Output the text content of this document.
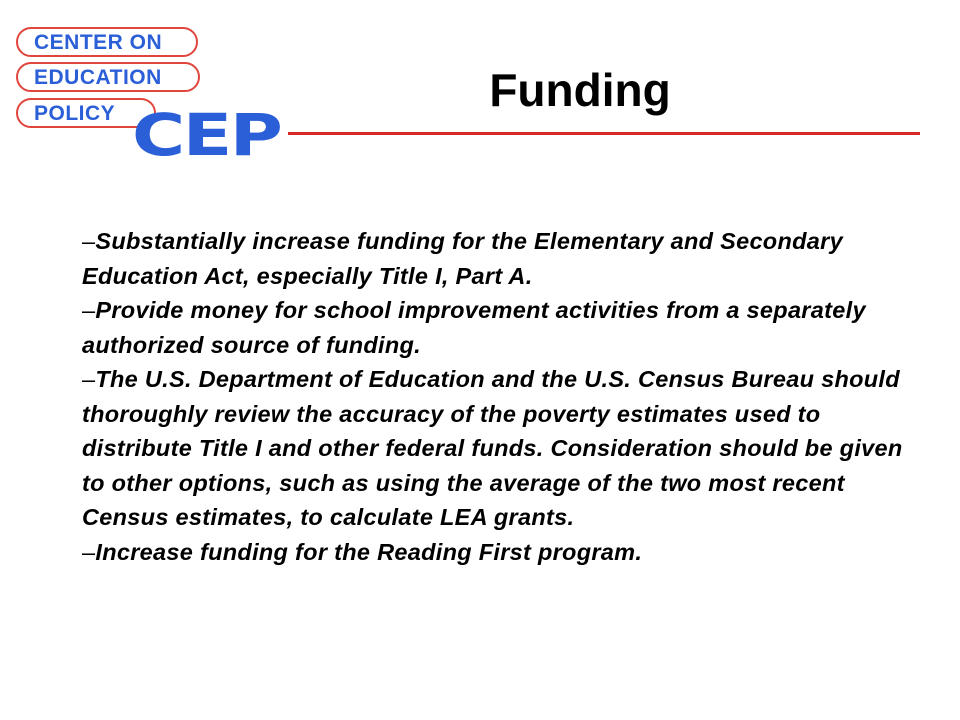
CENTER ON
EDUCATION
POLICY CEP
Funding
–Substantially increase funding for the Elementary and Secondary Education Act, especially Title I, Part A.
–Provide money for school improvement activities from a separately authorized source of funding.
–The U.S. Department of Education and the U.S. Census Bureau should thoroughly review the accuracy of the poverty estimates used to distribute Title I and other federal funds. Consideration should be given to other options, such as using the average of the two most recent Census estimates, to calculate LEA grants.
–Increase funding for the Reading First program.
